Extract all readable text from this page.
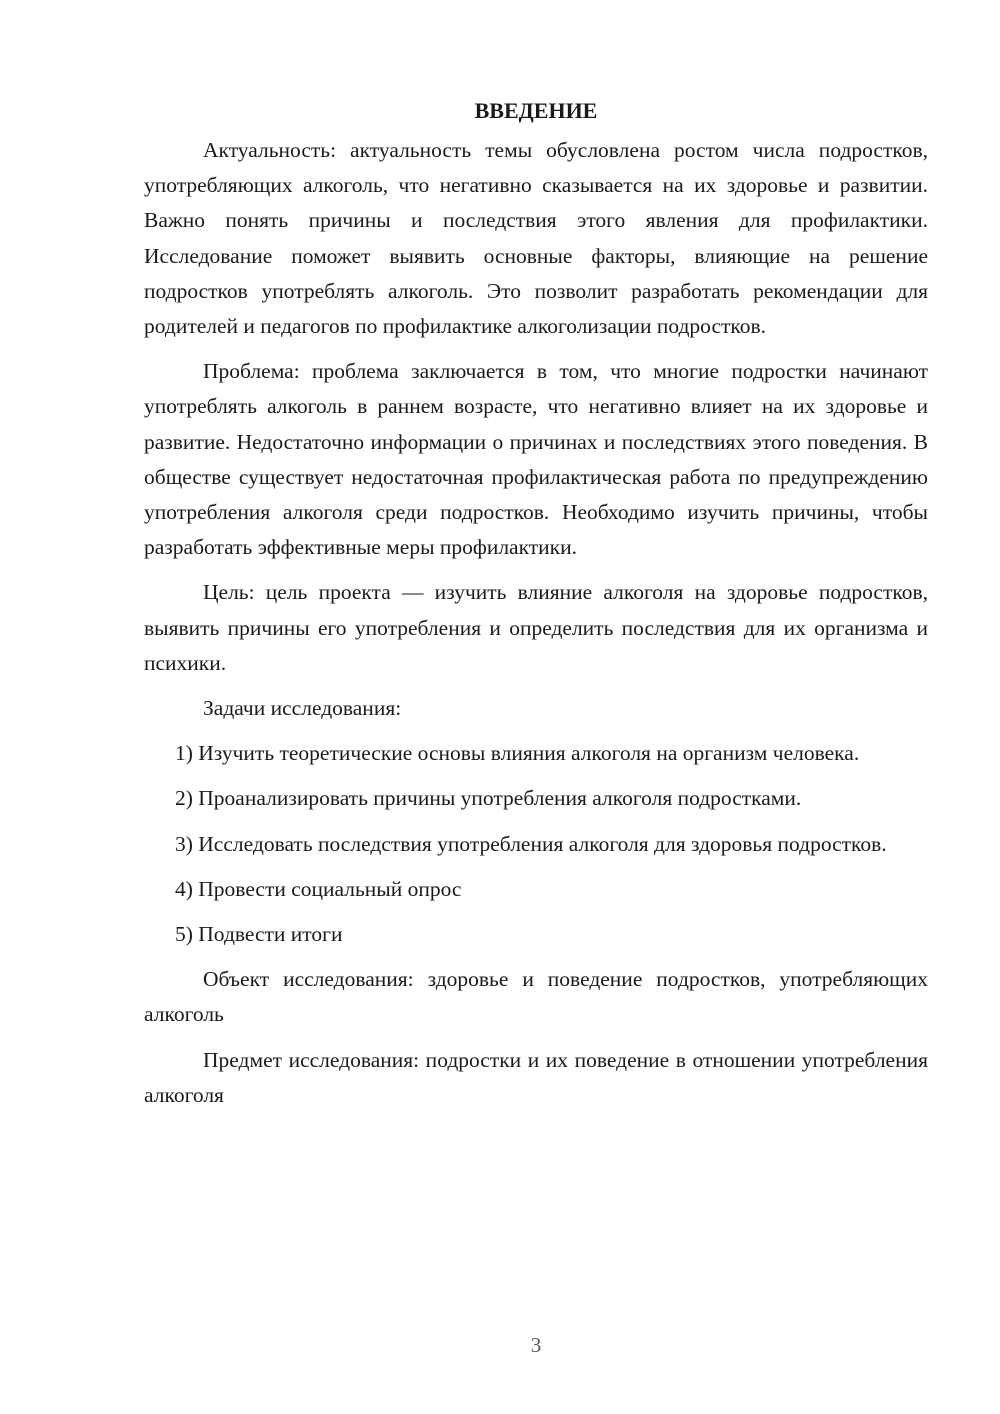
ВВЕДЕНИЕ

Актуальность: актуальность темы обусловлена ростом числа подростков, употребляющих алкоголь, что негативно сказывается на их здоровье и развитии. Важно понять причины и последствия этого явления для профилактики. Исследование поможет выявить основные факторы, влияющие на решение подростков употреблять алкоголь. Это позволит разработать рекомендации для родителей и педагогов по профилактике алкоголизации подростков.

Проблема: проблема заключается в том, что многие подростки начинают употреблять алкоголь в раннем возрасте, что негативно влияет на их здоровье и развитие. Недостаточно информации о причинах и последствиях этого поведения. В обществе существует недостаточная профилактическая работа по предупреждению употребления алкоголя среди подростков. Необходимо изучить причины, чтобы разработать эффективные меры профилактики.

Цель: цель проекта — изучить влияние алкоголя на здоровье подростков, выявить причины его употребления и определить последствия для их организма и психики.

Задачи исследования:

1) Изучить теоретические основы влияния алкоголя на организм человека.

2) Проанализировать причины употребления алкоголя подростками.

3) Исследовать последствия употребления алкоголя для здоровья подростков.

4) Провести социальный опрос

5) Подвести итоги

Объект исследования: здоровье и поведение подростков, употребляющих алкоголь

Предмет исследования: подростки и их поведение в отношении употребления алкоголя

3
